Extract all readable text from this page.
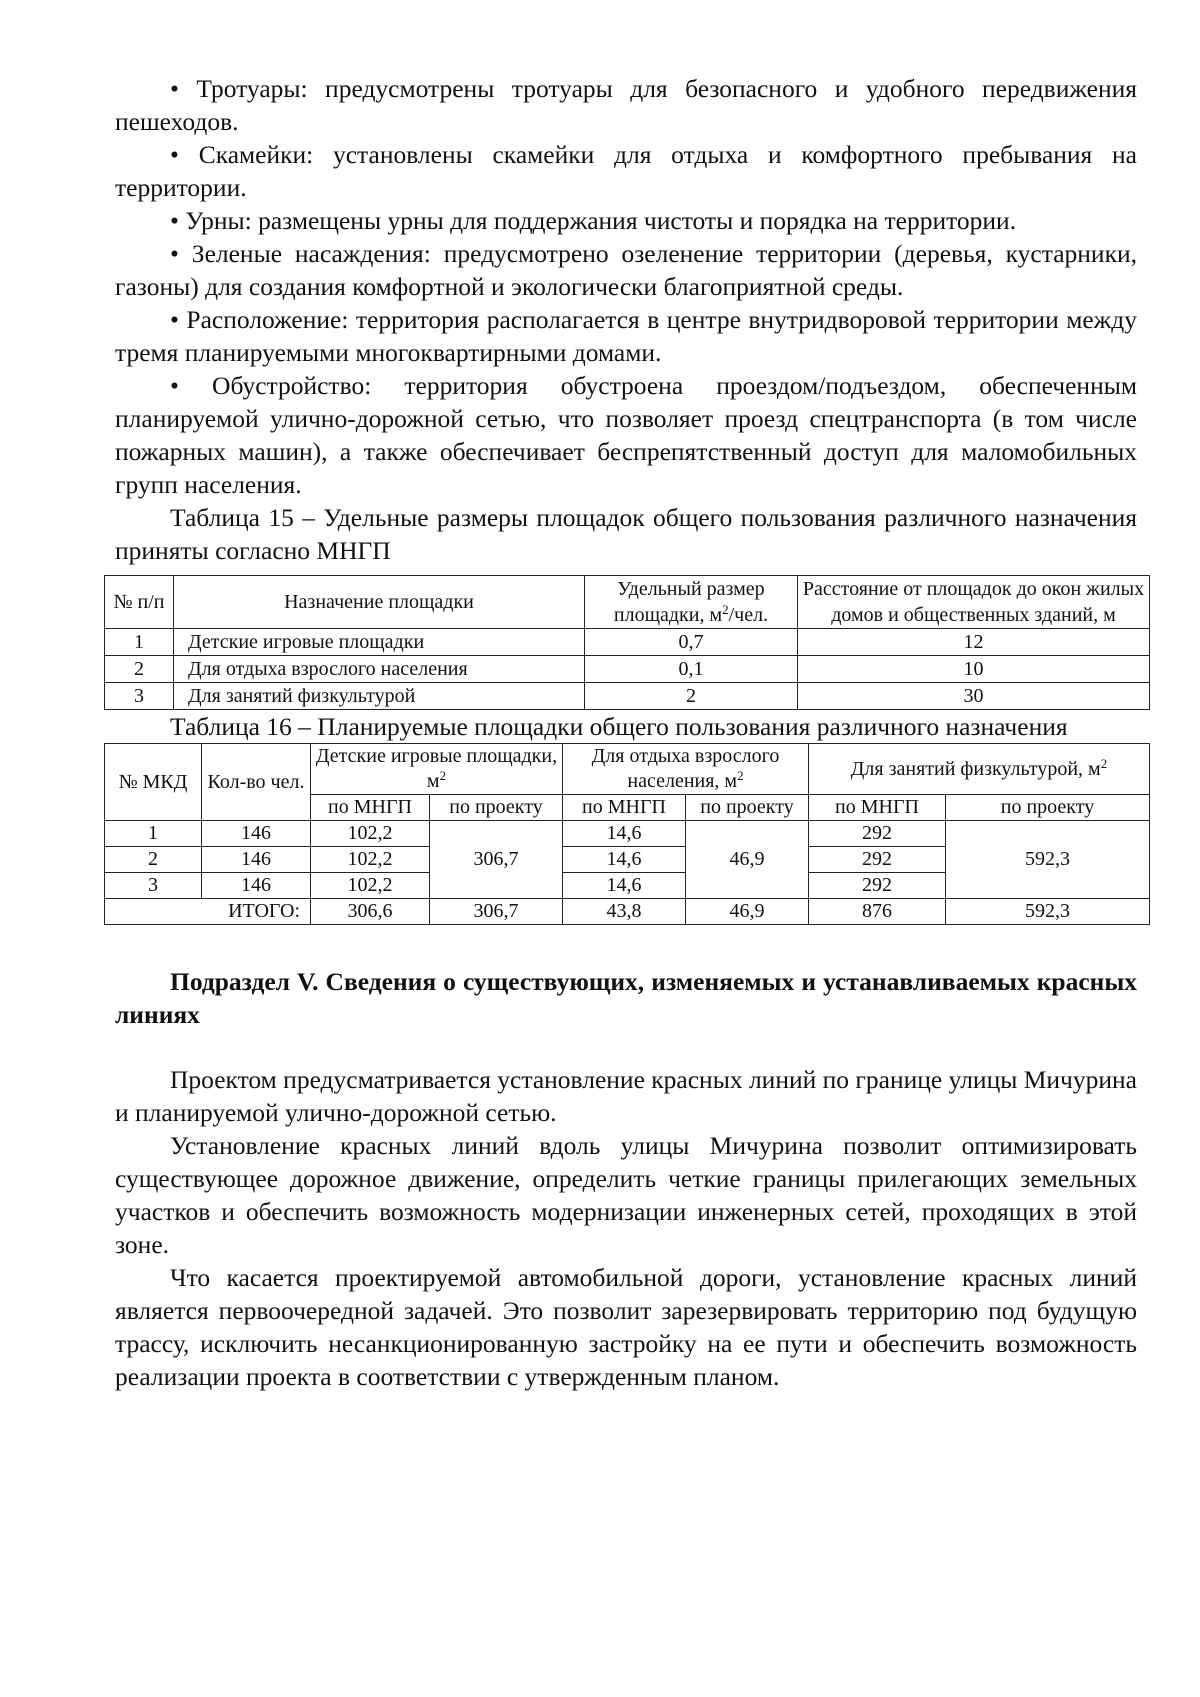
• Тротуары: предусмотрены тротуары для безопасного и удобного передвижения пешеходов.

• Скамейки: установлены скамейки для отдыха и комфортного пребывания на территории.

• Урны: размещены урны для поддержания чистоты и порядка на территории.

• Зеленые насаждения: предусмотрено озеленение территории (деревья, кустарники, газоны) для создания комфортной и экологически благоприятной среды.

• Расположение: территория располагается в центре внутридворовой территории между тремя планируемыми многоквартирными домами.

• Обустройство: территория обустроена проездом/подъездом, обеспеченным планируемой улично-дорожной сетью, что позволяет проезд спецтранспорта (в том числе пожарных машин), а также обеспечивает беспрепятственный доступ для маломобильных групп населения.

Таблица 15 – Удельные размеры площадок общего пользования различного назначения приняты согласно МНГП

№ п/п	Назначение площадки	Удельный размер площадки, $м^2$/чел.	Расстояние от площадок до окон жилых домов и общественных зданий, м
1	Детские игровые площадки	0,7	12
2	Для отдыха взрослого населения	0,1	10
3	Для занятий физкультурой	2	30

Таблица 16 – Планируемые площадки общего пользования различного назначения

№ МКД	Кол-во чел.	Детские игровые площадки, $м^2$		Для отдыха взрослого населения, $м^2$		Для занятий физкультурой, $м^2$
		по МНГП	по проекту	по МНГП	по проекту	по МНГП	по проекту
1	146	102,2	306,7	14,6	46,9	292	592,3
2	146	102,2		14,6		292	
3	146	102,2		14,6		292	
ИТОГО:		306,6	306,7	43,8	46,9	876	592,3
Подраздел V. Сведения о существующих, изменяемых и устанавливаемых красных линиях

Проектом предусматривается установление красных линий по границе улицы Мичурина и планируемой улично-дорожной сетью.

Установление красных линий вдоль улицы Мичурина позволит оптимизировать существующее дорожное движение, определить четкие границы прилегающих земельных участков и обеспечить возможность модернизации инженерных сетей, проходящих в этой зоне.

Что касается проектируемой автомобильной дороги, установление красных линий является первоочередной задачей. Это позволит зарезервировать территорию под будущую трассу, исключить несанкционированную застройку на ее пути и обеспечить возможность реализации проекта в соответствии с утвержденным планом.
